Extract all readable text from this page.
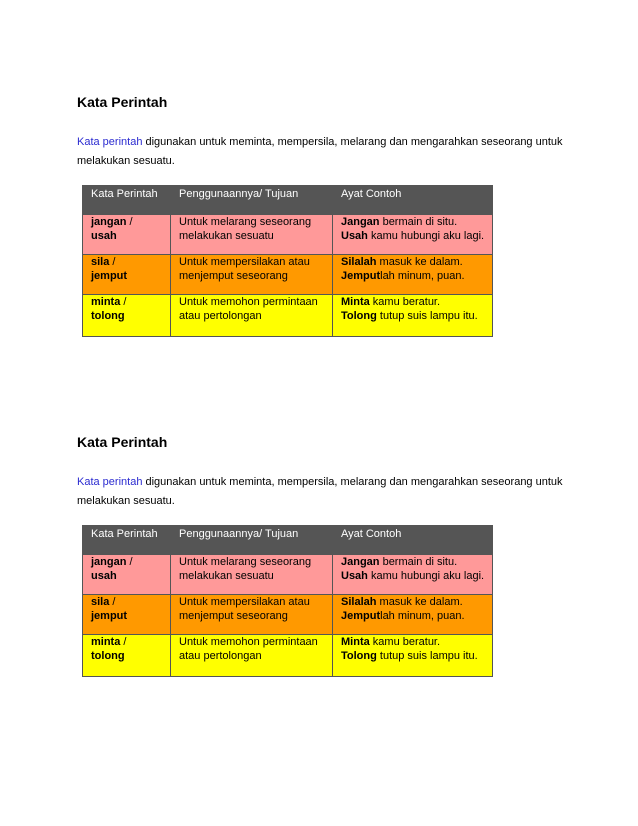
Kata Perintah

Kata perintah digunakan untuk meminta, mempersila, melarang dan mengarahkan seseorang untuk melakukan sesuatu.

Kata Perintah	Penggunaannya/ Tujuan	Ayat Contoh
jangan /
usah	Untuk melarang seseorang melakukan sesuatu	Jangan bermain di situ.
Usah kamu hubungi aku lagi.
sila /
jemput	Untuk mempersilakan atau menjemput seseorang	Silalah masuk ke dalam.
Jemputlah minum, puan.
minta /
tolong	Untuk memohon permintaan atau pertolongan	Minta kamu beratur.
Tolong tutup suis lampu itu.
Kata Perintah

Kata perintah digunakan untuk meminta, mempersila, melarang dan mengarahkan seseorang untuk melakukan sesuatu.

Kata Perintah	Penggunaannya/ Tujuan	Ayat Contoh
jangan /
usah	Untuk melarang seseorang melakukan sesuatu	Jangan bermain di situ.
Usah kamu hubungi aku lagi.
sila /
jemput	Untuk mempersilakan atau menjemput seseorang	Silalah masuk ke dalam.
Jemputlah minum, puan.
minta /
tolong	Untuk memohon permintaan atau pertolongan	Minta kamu beratur.
Tolong tutup suis lampu itu.
